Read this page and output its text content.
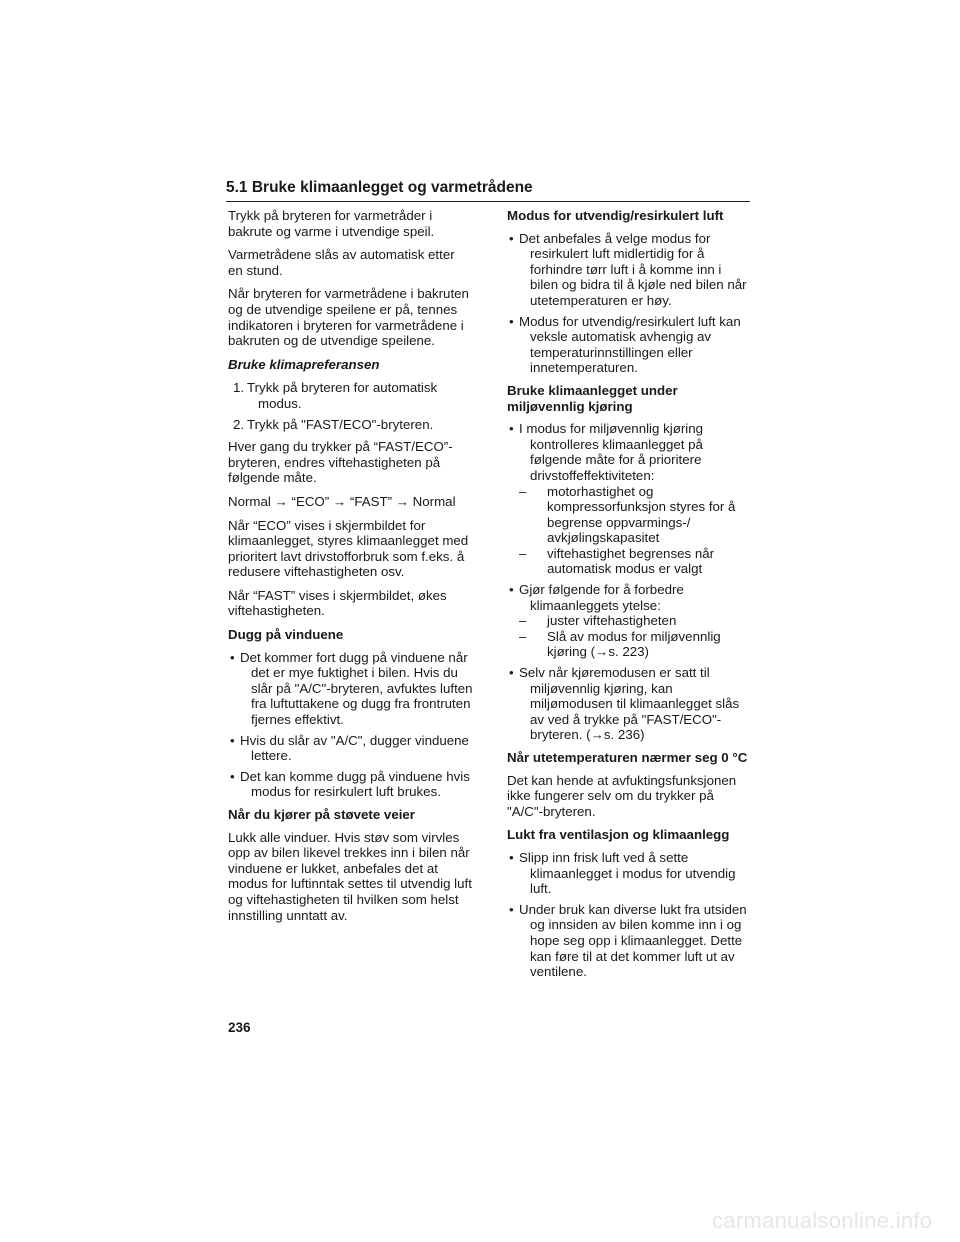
5.1 Bruke klimaanlegget og varmetrådene

Trykk på bryteren for varmetråder i bakrute og varme i utvendige speil.

Varmetrådene slås av automatisk etter en stund.

Når bryteren for varmetrådene i bakruten og de utvendige speilene er på, tennes indikatoren i bryteren for varmetrådene i bakruten og de utvendige speilene.

Bruke klimapreferansen
1. Trykk på bryteren for automatisk modus.
2. Trykk på "FAST/ECO"-bryteren.

Hver gang du trykker på “FAST/ECO”-bryteren, endres viftehastigheten på følgende måte.

Normal → “ECO” → “FAST” → Normal

Når “ECO” vises i skjermbildet for klimaanlegget, styres klimaanlegget med prioritert lavt drivstofforbruk som f.eks. å redusere viftehastigheten osv.

Når “FAST” vises i skjermbildet, økes viftehastigheten.

Dugg på vinduene
• Det kommer fort dugg på vinduene når det er mye fuktighet i bilen. Hvis du slår på "A/C"-bryteren, avfuktes luften fra luftuttakene og dugg fra frontruten fjernes effektivt.
• Hvis du slår av "A/C", dugger vinduene lettere.
• Det kan komme dugg på vinduene hvis modus for resirkulert luft brukes.
Når du kjører på støvete veier

Lukk alle vinduer. Hvis støv som virvles opp av bilen likevel trekkes inn i bilen når vinduene er lukket, anbefales det at modus for luftinntak settes til utvendig luft og viftehastigheten til hvilken som helst innstilling unntatt av.

Modus for utvendig/resirkulert luft
• Det anbefales å velge modus for resirkulert luft midlertidig for å forhindre tørr luft i å komme inn i bilen og bidra til å kjøle ned bilen når utetemperaturen er høy.
• Modus for utvendig/resirkulert luft kan veksle automatisk avhengig av temperaturinnstillingen eller innetemperaturen.
Bruke klimaanlegget under miljøvennlig kjøring
• I modus for miljøvennlig kjøring kontrolleres klimaanlegget på følgende måte for å prioritere drivstoffeffektiviteten:
– motorhastighet og kompressorfunksjon styres for å begrense oppvarmings-/ avkjølingskapasitet
– viftehastighet begrenses når automatisk modus er valgt
• Gjør følgende for å forbedre klimaanleggets ytelse:
– juster viftehastigheten
– Slå av modus for miljøvennlig kjøring (→s. 223)
• Selv når kjøremodusen er satt til miljøvennlig kjøring, kan miljømodusen til klimaanlegget slås av ved å trykke på "FAST/ECO"-bryteren. (→s. 236)
Når utetemperaturen nærmer seg 0 °C

Det kan hende at avfuktingsfunksjonen ikke fungerer selv om du trykker på "A/C"-bryteren.

Lukt fra ventilasjon og klimaanlegg
• Slipp inn frisk luft ved å sette klimaanlegget i modus for utvendig luft.
• Under bruk kan diverse lukt fra utsiden og innsiden av bilen komme inn i og hope seg opp i klimaanlegget. Dette kan føre til at det kommer luft ut av ventilene.
236
carmanualsonline.info
